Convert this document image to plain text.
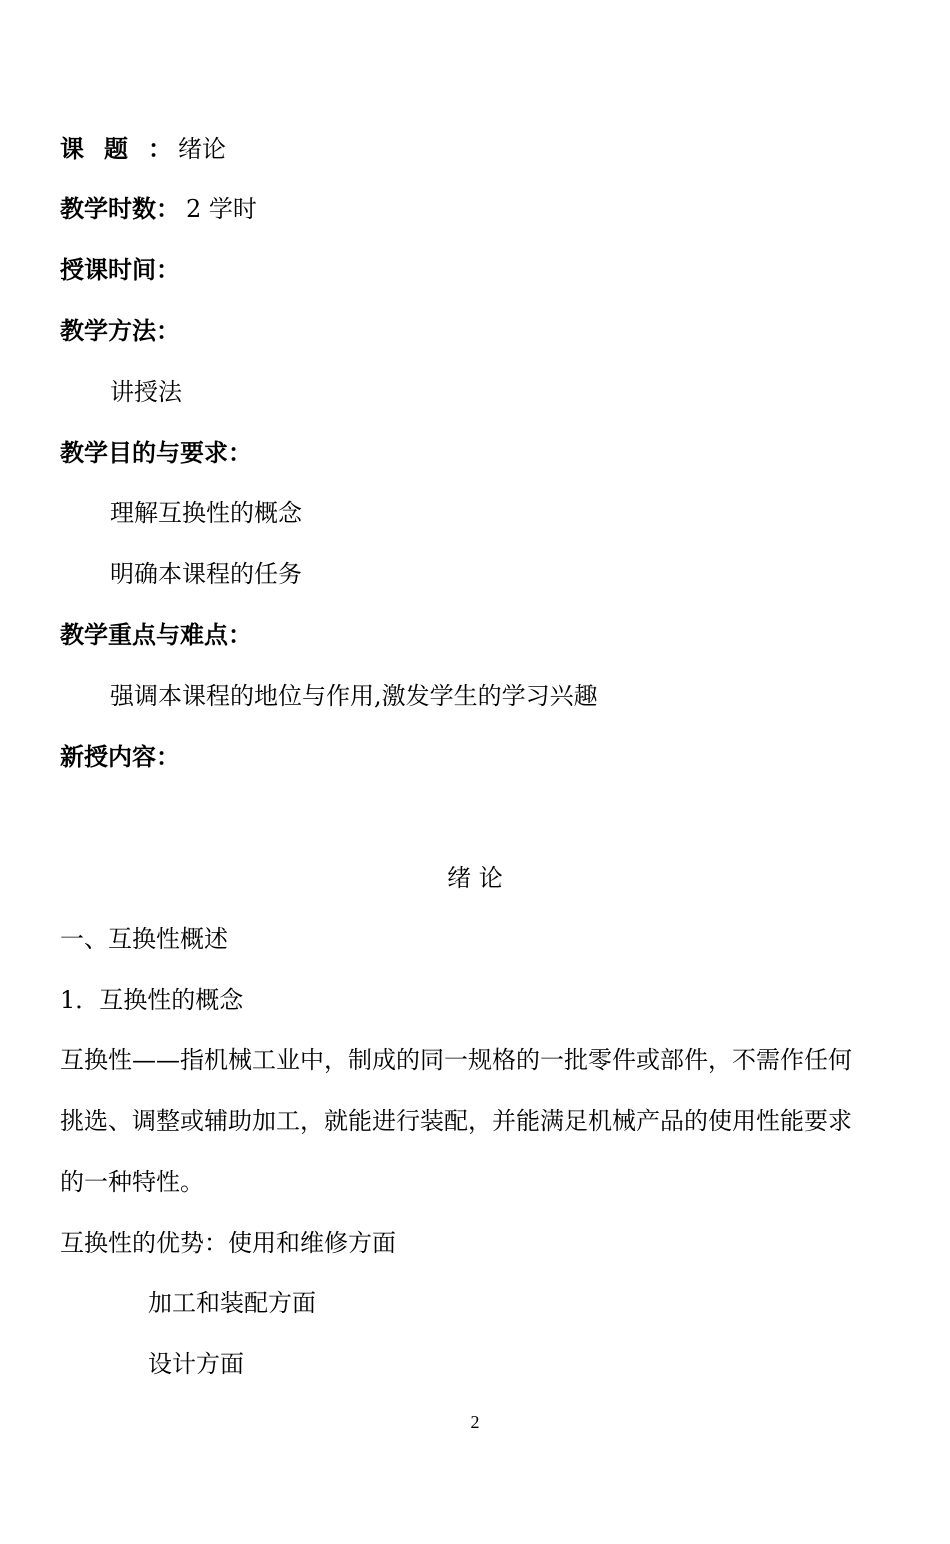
课题： 绪论
教学时数： 2 学时
授课时间：
教学方法：
讲授法
教学目的与要求：
理解互换性的概念
明确本课程的任务
教学重点与难点：
强调本课程的地位与作用,激发学生的学习兴趣
新授内容：
绪 论
一、互换性概述
1．互换性的概念
互换性——指机械工业中，制成的同一规格的一批零件或部件，不需作任何
挑选、调整或辅助加工，就能进行装配，并能满足机械产品的使用性能要求
的一种特性。
互换性的优势：使用和维修方面
加工和装配方面
设计方面
2
